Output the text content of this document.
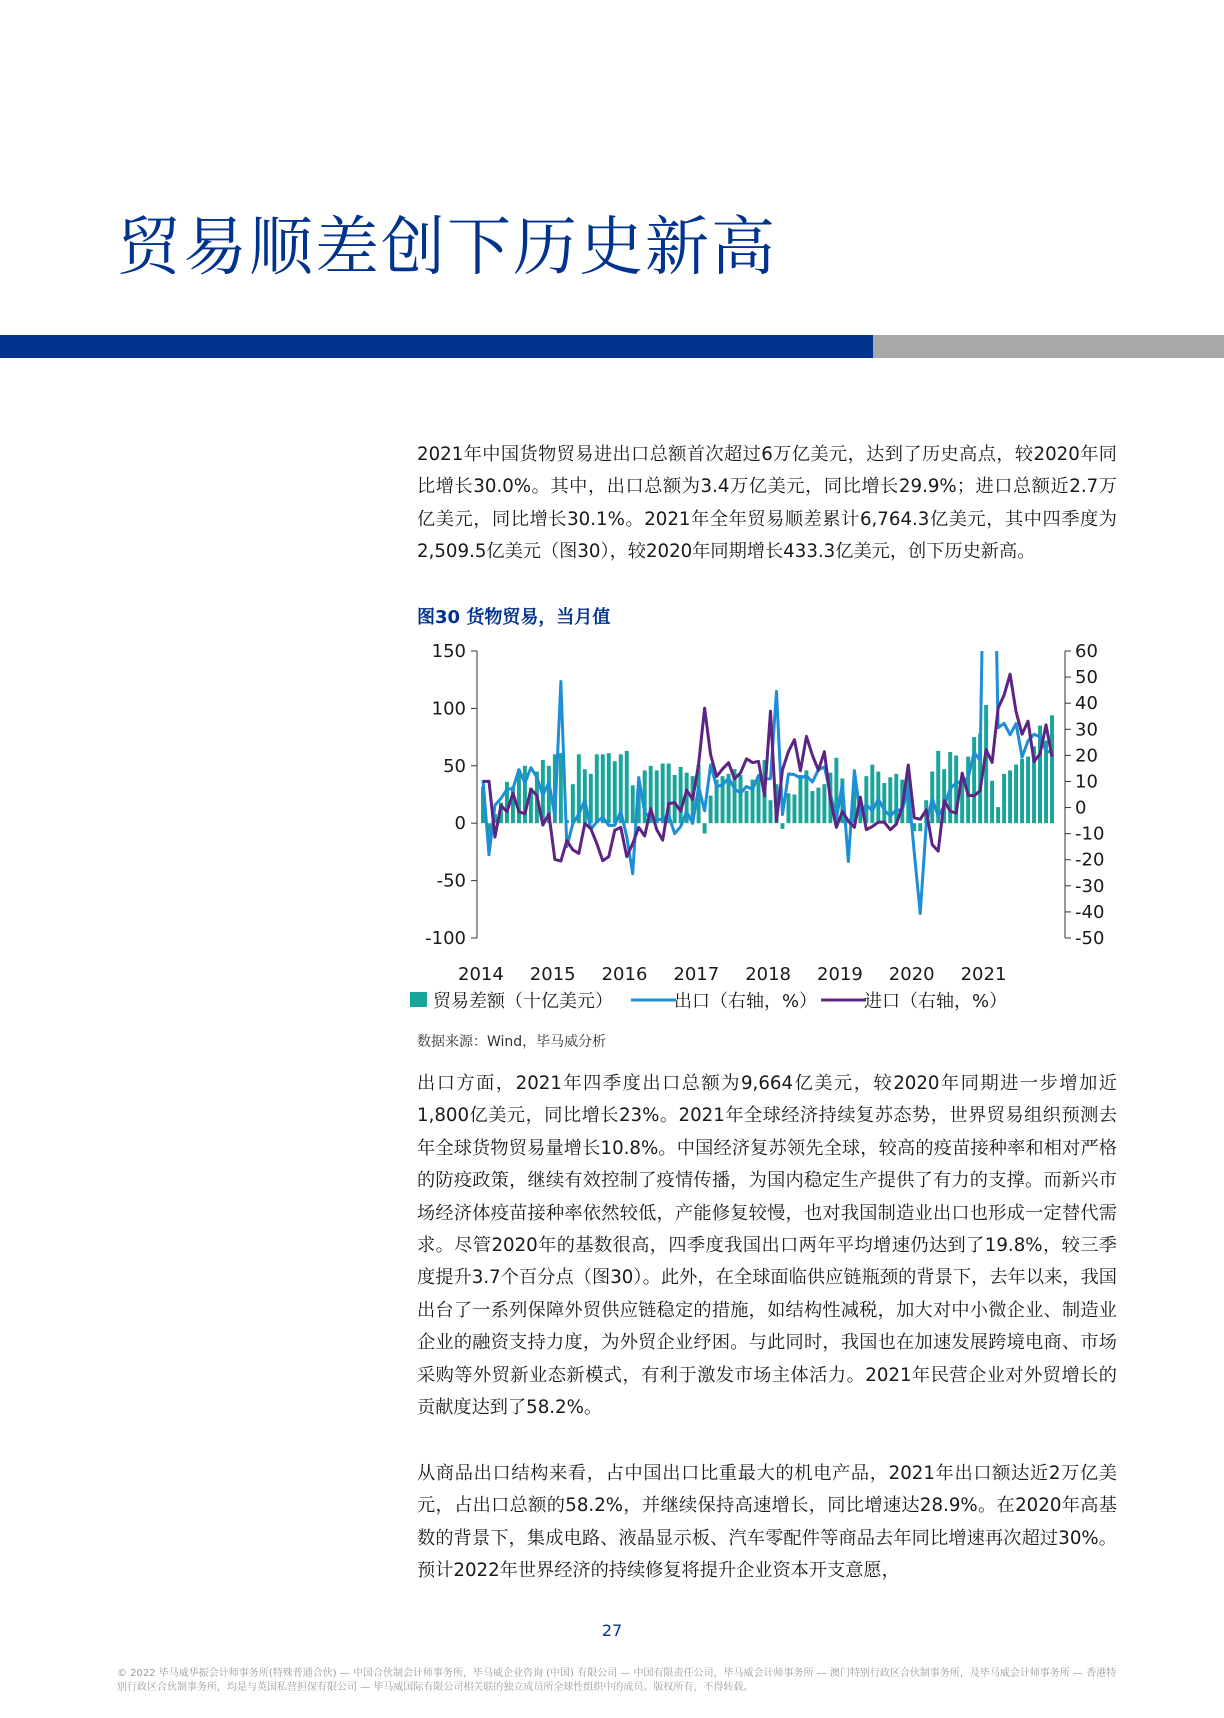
贸易顺差创下历史新高

2021年中国货物贸易进出口总额首次超过6万亿美元，达到了历史高点，较2020年同比增长30.0%。其中，出口总额为3.4万亿美元，同比增长29.9%；进口总额近2.7万亿美元，同比增长30.1%。2021年全年贸易顺差累计6,764.3亿美元，其中四季度为2,509.5亿美元（图30），较2020年同期增长433.3亿美元，创下历史新高。

图30 货物贸易，当月值
150
100
50
0
-50
-100
60
50
40
30
20
10
0
-10
-20
-30
-40
-50
2014 2015 2016 2017 2018 2019 2020 2021
贸易差额（十亿美元）	出口（右轴，%）	进口（右轴，%）
数据来源：Wind，毕马威分析

出口方面，2021年四季度出口总额为9,664亿美元，较2020年同期进一步增加近1,800亿美元，同比增长23%。2021年全球经济持续复苏态势，世界贸易组织预测去年全球货物贸易量增长10.8%。中国经济复苏领先全球，较高的疫苗接种率和相对严格的防疫政策，继续有效控制了疫情传播，为国内稳定生产提供了有力的支撑。而新兴市场经济体疫苗接种率依然较低，产能修复较慢，也对我国制造业出口也形成一定替代需求。尽管2020年的基数很高，四季度我国出口两年平均增速仍达到了19.8%，较三季度提升3.7个百分点（图30）。此外，在全球面临供应链瓶颈的背景下，去年以来，我国出台了一系列保障外贸供应链稳定的措施，如结构性减税，加大对中小微企业、制造业企业的融资支持力度，为外贸企业纾困。与此同时，我国也在加速发展跨境电商、市场采购等外贸新业态新模式，有利于激发市场主体活力。2021年民营企业对外贸增长的贡献度达到了58.2%。

从商品出口结构来看，占中国出口比重最大的机电产品，2021年出口额达近2万亿美元，占出口总额的58.2%，并继续保持高速增长，同比增速达28.9%。在2020年高基数的背景下，集成电路、液晶显示板、汽车零配件等商品去年同比增速再次超过30%。预计2022年世界经济的持续修复将提升企业资本开支意愿，

27
© 2022 毕马威华振会计师事务所(特殊普通合伙) — 中国合伙制会计师事务所，毕马威企业咨询 (中国) 有限公司 — 中国有限责任公司，毕马威会计师事务所 — 澳门特别行政区合伙制事务所，及毕马威会计师事务所 — 香港特别行政区合伙制事务所，均是与英国私营担保有限公司 — 毕马威国际有限公司相关联的独立成员所全球性组织中的成员。版权所有，不得转载。
